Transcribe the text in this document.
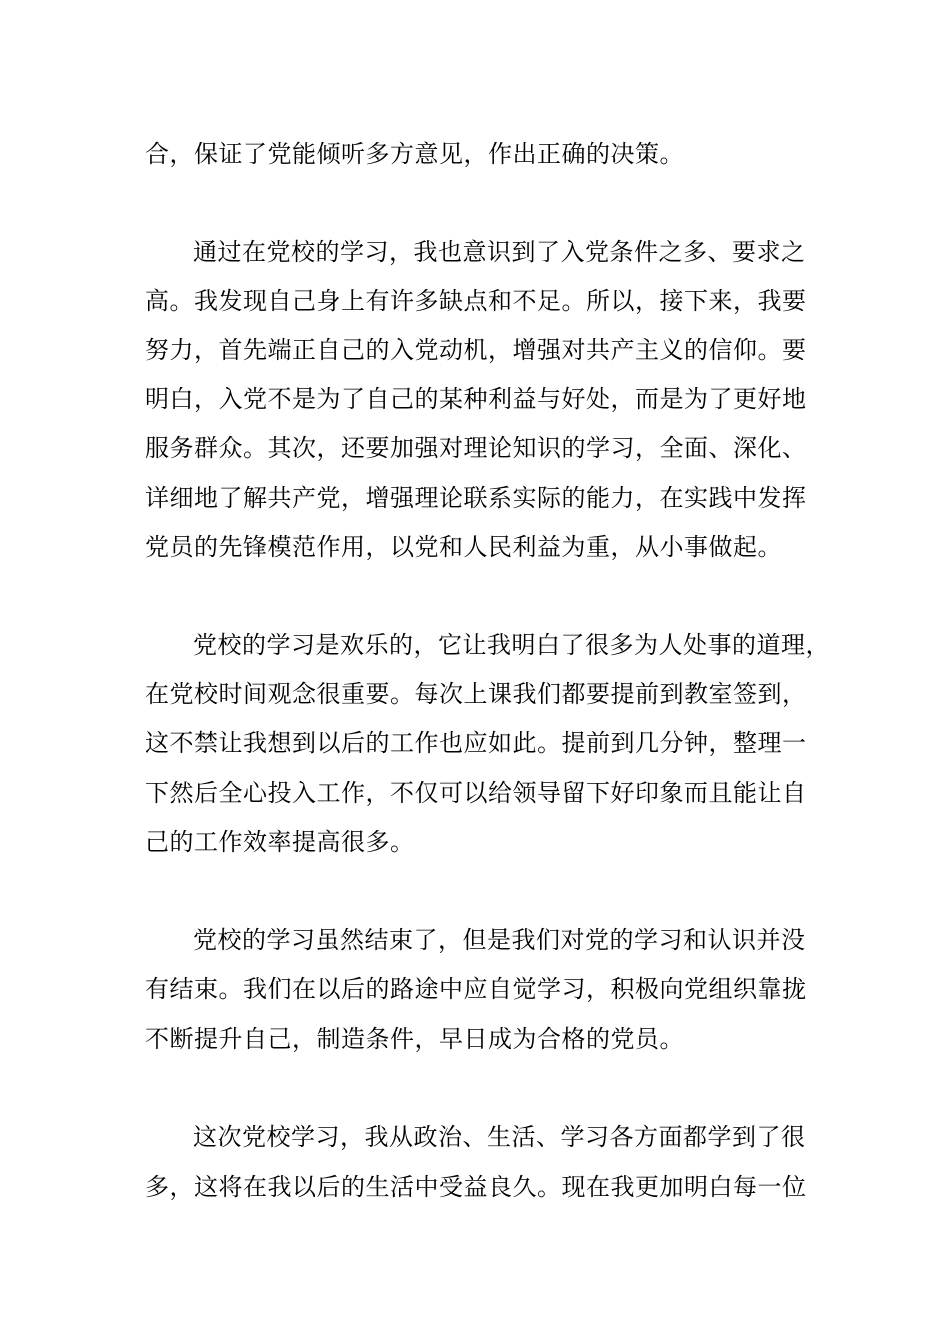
合，保证了党能倾听多方意见，作出正确的决策。
通过在党校的学习，我也意识到了入党条件之多、要求之
高。我发现自己身上有许多缺点和不足。所以，接下来，我要
努力，首先端正自己的入党动机，增强对共产主义的信仰。要
明白，入党不是为了自己的某种利益与好处，而是为了更好地
服务群众。其次，还要加强对理论知识的学习，全面、深化、
详细地了解共产党，增强理论联系实际的能力，在实践中发挥
党员的先锋模范作用，以党和人民利益为重，从小事做起。
党校的学习是欢乐的，它让我明白了很多为人处事的道理，
在党校时间观念很重要。每次上课我们都要提前到教室签到，
这不禁让我想到以后的工作也应如此。提前到几分钟，整理一
下然后全心投入工作，不仅可以给领导留下好印象而且能让自
己的工作效率提高很多。
党校的学习虽然结束了，但是我们对党的学习和认识并没
有结束。我们在以后的路途中应自觉学习，积极向党组织靠拢
不断提升自己，制造条件，早日成为合格的党员。
这次党校学习，我从政治、生活、学习各方面都学到了很
多，这将在我以后的生活中受益良久。现在我更加明白每一位
